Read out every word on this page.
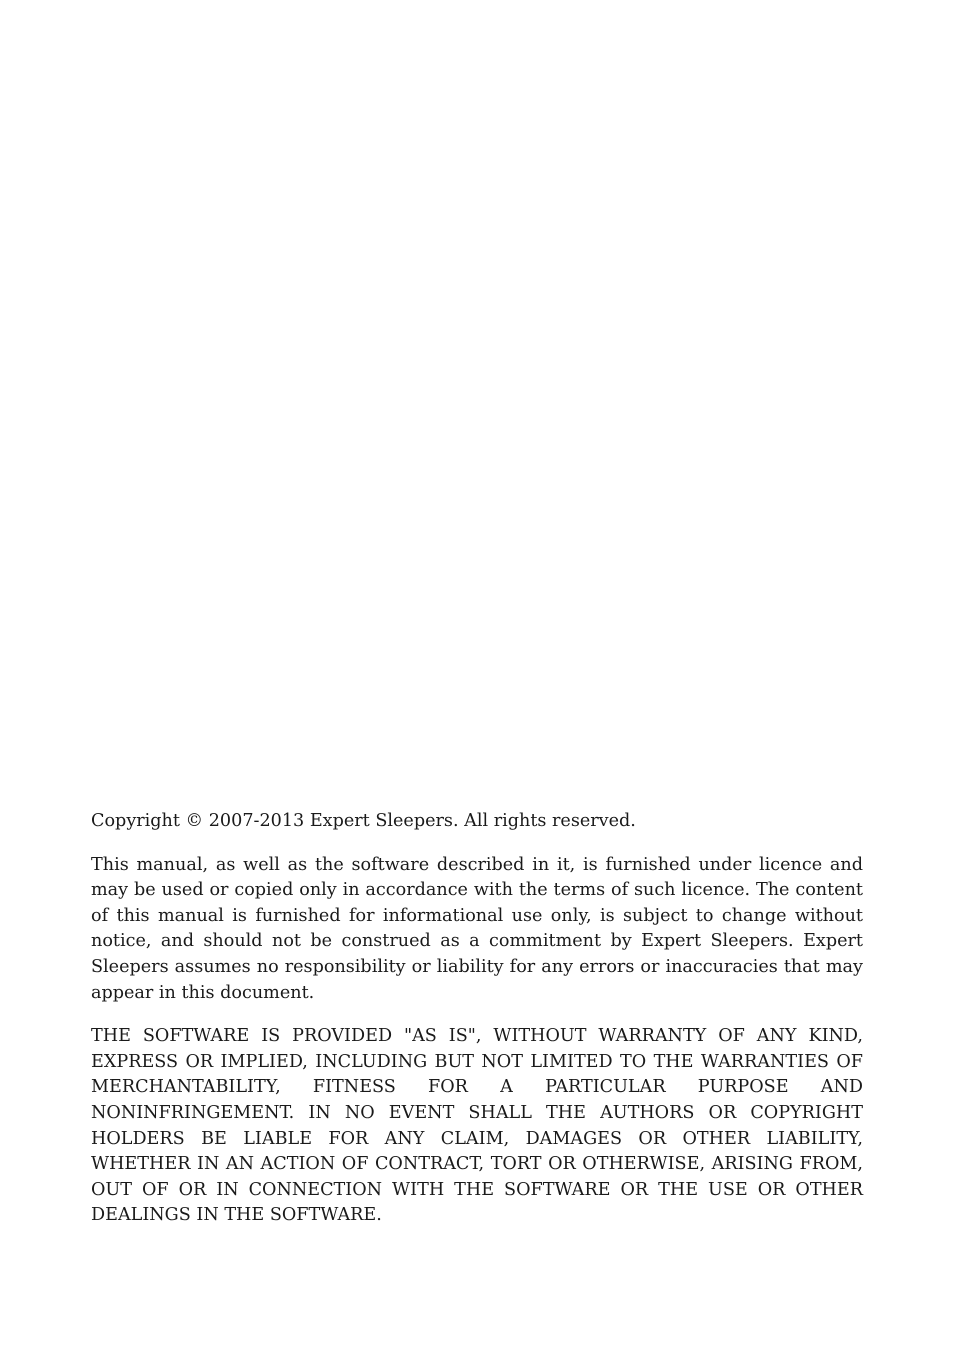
Copyright © 2007-2013 Expert Sleepers. All rights reserved.

This manual, as well as the software described in it, is furnished under licence and may be used or copied only in accordance with the terms of such licence. The content of this manual is furnished for informational use only, is subject to change without notice, and should not be construed as a commitment by Expert Sleepers. Expert Sleepers assumes no responsibility or liability for any errors or inaccuracies that may appear in this document.

THE SOFTWARE IS PROVIDED "AS IS", WITHOUT WARRANTY OF ANY KIND, EXPRESS OR IMPLIED, INCLUDING BUT NOT LIMITED TO THE WARRANTIES OF MERCHANTABILITY, FITNESS FOR A PARTICULAR PURPOSE AND NONINFRINGEMENT. IN NO EVENT SHALL THE AUTHORS OR COPYRIGHT HOLDERS BE LIABLE FOR ANY CLAIM, DAMAGES OR OTHER LIABILITY, WHETHER IN AN ACTION OF CONTRACT, TORT OR OTHERWISE, ARISING FROM, OUT OF OR IN CONNECTION WITH THE SOFTWARE OR THE USE OR OTHER DEALINGS IN THE SOFTWARE.
